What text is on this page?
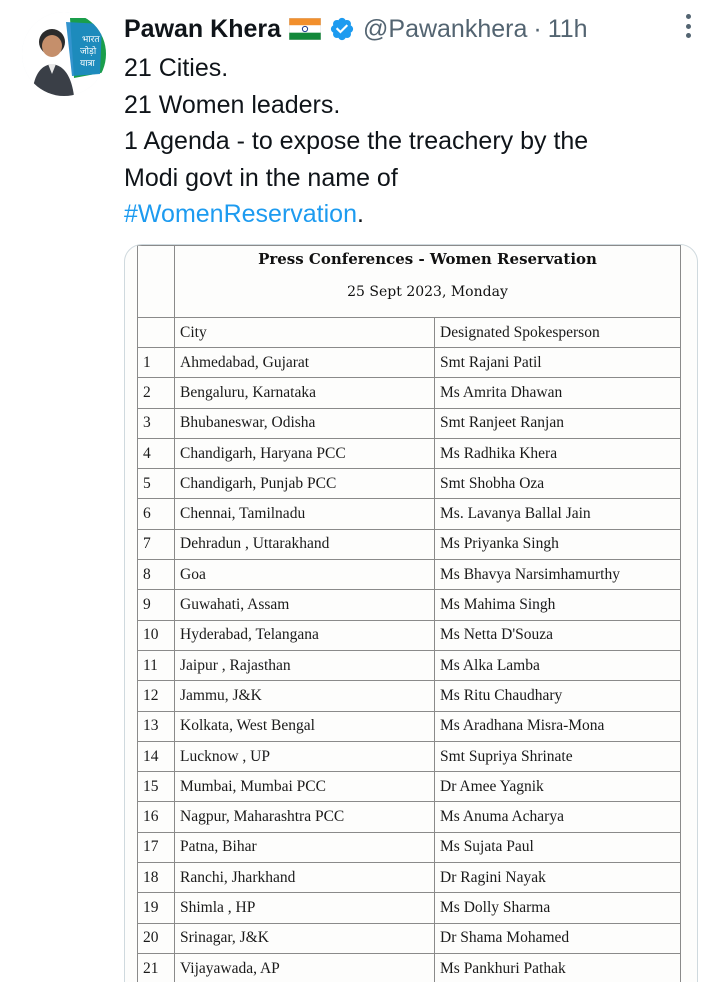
भारत
जोड़ो
यात्रा
Pawan Khera	@Pawankhera · 11h

21 Cities.

21 Women leaders.

1 Agenda - to expose the treachery by the

Modi govt in the name of

#WomenReservation.

	Press Conferences - Women Reservation
25 Sept 2023, Monday	

	City	Designated Spokesperson
1	Ahmedabad, Gujarat	Smt Rajani Patil
2	Bengaluru, Karnataka	Ms Amrita Dhawan
3	Bhubaneswar, Odisha	Smt Ranjeet Ranjan
4	Chandigarh, Haryana PCC	Ms Radhika Khera
5	Chandigarh, Punjab PCC	Smt Shobha Oza
6	Chennai, Tamilnadu	Ms. Lavanya Ballal Jain
7	Dehradun , Uttarakhand	Ms Priyanka Singh
8	Goa	Ms Bhavya Narsimhamurthy
9	Guwahati, Assam	Ms Mahima Singh
10	Hyderabad, Telangana	Ms Netta D'Souza
11	Jaipur , Rajasthan	Ms Alka Lamba
12	Jammu, J&K	Ms Ritu Chaudhary
13	Kolkata, West Bengal	Ms Aradhana Misra-Mona
14	Lucknow , UP	Smt Supriya Shrinate
15	Mumbai, Mumbai PCC	Dr Amee Yagnik
16	Nagpur, Maharashtra PCC	Ms Anuma Acharya
17	Patna, Bihar	Ms Sujata Paul
18	Ranchi, Jharkhand	Dr Ragini Nayak
19	Shimla , HP	Ms Dolly Sharma
20	Srinagar, J&K	Dr Shama Mohamed
21	Vijayawada, AP	Ms Pankhuri Pathak
